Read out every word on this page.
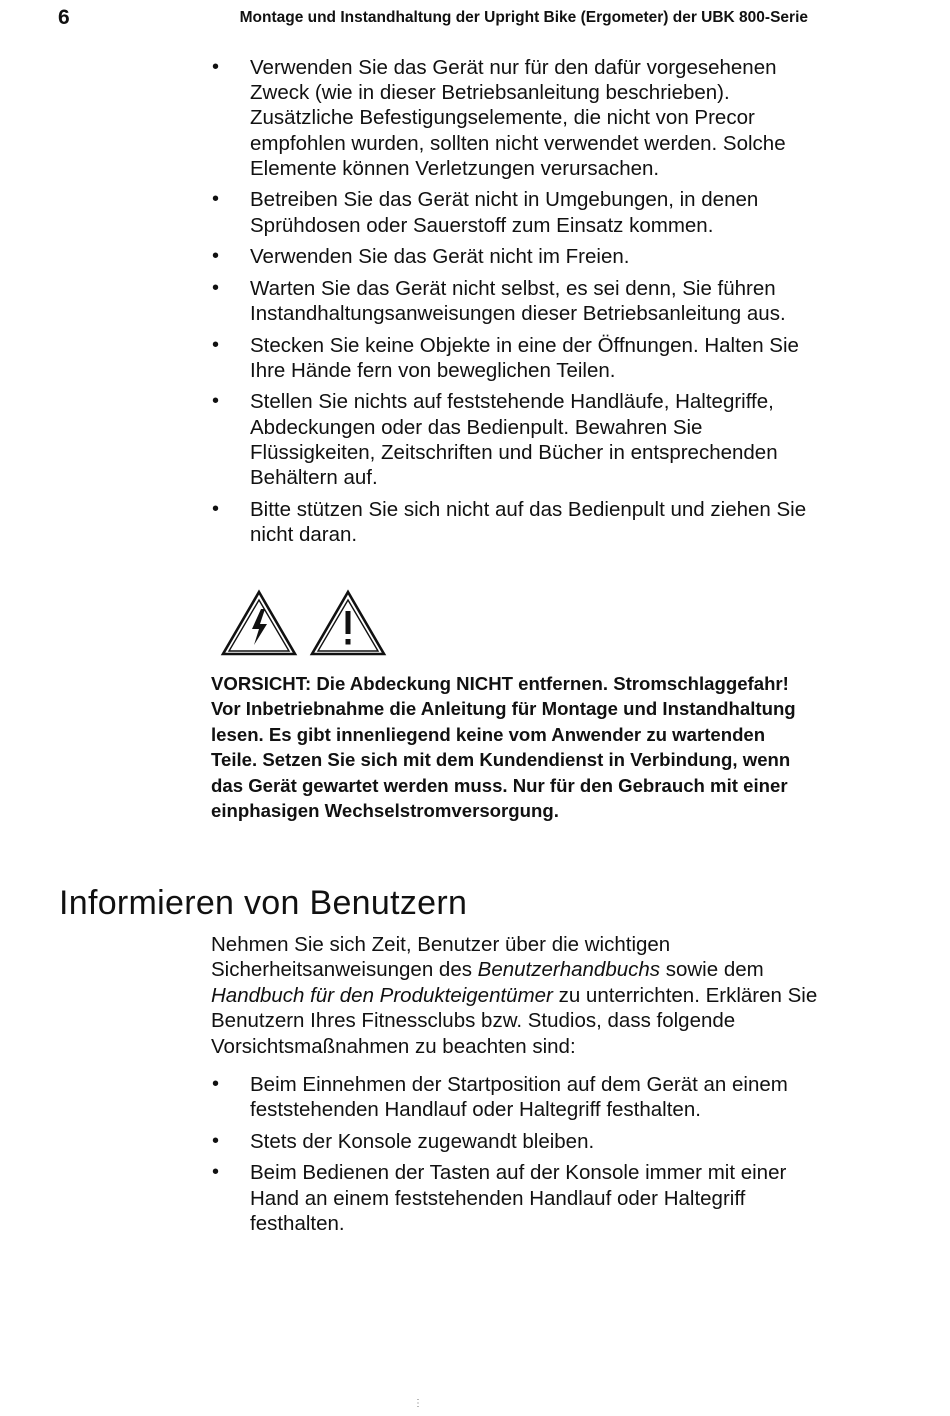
6	Montage und Instandhaltung der Upright Bike (Ergometer) der UBK 800-Serie
• Verwenden Sie das Gerät nur für den dafür vorgesehenen Zweck (wie in dieser Betriebsanleitung beschrieben). Zusätzliche Befestigungselemente, die nicht von Precor empfohlen wurden, sollten nicht verwendet werden. Solche Elemente können Verletzungen verursachen.
• Betreiben Sie das Gerät nicht in Umgebungen, in denen Sprühdosen oder Sauerstoff zum Einsatz kommen.
• Verwenden Sie das Gerät nicht im Freien.
• Warten Sie das Gerät nicht selbst, es sei denn, Sie führen Instandhaltungsanweisungen dieser Betriebsanleitung aus.
• Stecken Sie keine Objekte in eine der Öffnungen. Halten Sie Ihre Hände fern von beweglichen Teilen.
• Stellen Sie nichts auf feststehende Handläufe, Haltegriffe, Abdeckungen oder das Bedienpult. Bewahren Sie Flüssigkeiten, Zeitschriften und Bücher in entsprechenden Behältern auf.
• Bitte stützen Sie sich nicht auf das Bedienpult und ziehen Sie nicht daran.
VORSICHT: Die Abdeckung NICHT entfernen. Stromschlaggefahr! Vor Inbetriebnahme die Anleitung für Montage und Instandhaltung lesen. Es gibt innenliegend keine vom Anwender zu wartenden Teile. Setzen Sie sich mit dem Kundendienst in Verbindung, wenn das Gerät gewartet werden muss. Nur für den Gebrauch mit einer einphasigen Wechselstromversorgung.
Informieren von Benutzern

Nehmen Sie sich Zeit, Benutzer über die wichtigen Sicherheitsanweisungen des Benutzerhandbuchs sowie dem Handbuch für den Produkteigentümer zu unterrichten. Erklären Sie Benutzern Ihres Fitnessclubs bzw. Studios, dass folgende Vorsichtsmaßnahmen zu beachten sind:

• Beim Einnehmen der Startposition auf dem Gerät an einem feststehenden Handlauf oder Haltegriff festhalten.
• Stets der Konsole zugewandt bleiben.
• Beim Bedienen der Tasten auf der Konsole immer mit einer Hand an einem feststehenden Handlauf oder Haltegriff festhalten.
⋮
